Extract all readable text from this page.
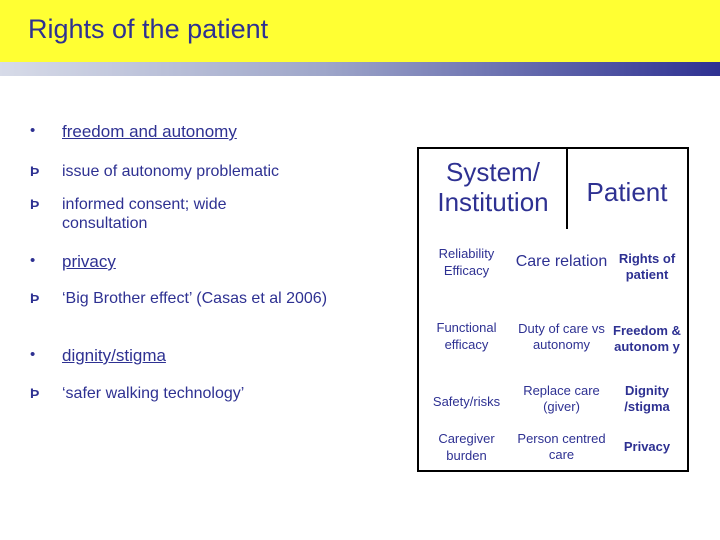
Rights of the patient
• freedom and autonomy
Þ issue of autonomy problematic
Þ informed consent; wide consultation
• privacy
Þ ‘Big Brother effect’ (Casas et al 2006)
• dignity/stigma
Þ ‘safer walking technology’
System/ Institution	Patient
Reliability Efficacy
Care relation Rights of patient
Functional efficacy
Duty of care vs autonomy
Freedom & autonom y
Safety/risks
Replace care (giver)
Dignity /stigma
Caregiver burden
Person centred care
Privacy
